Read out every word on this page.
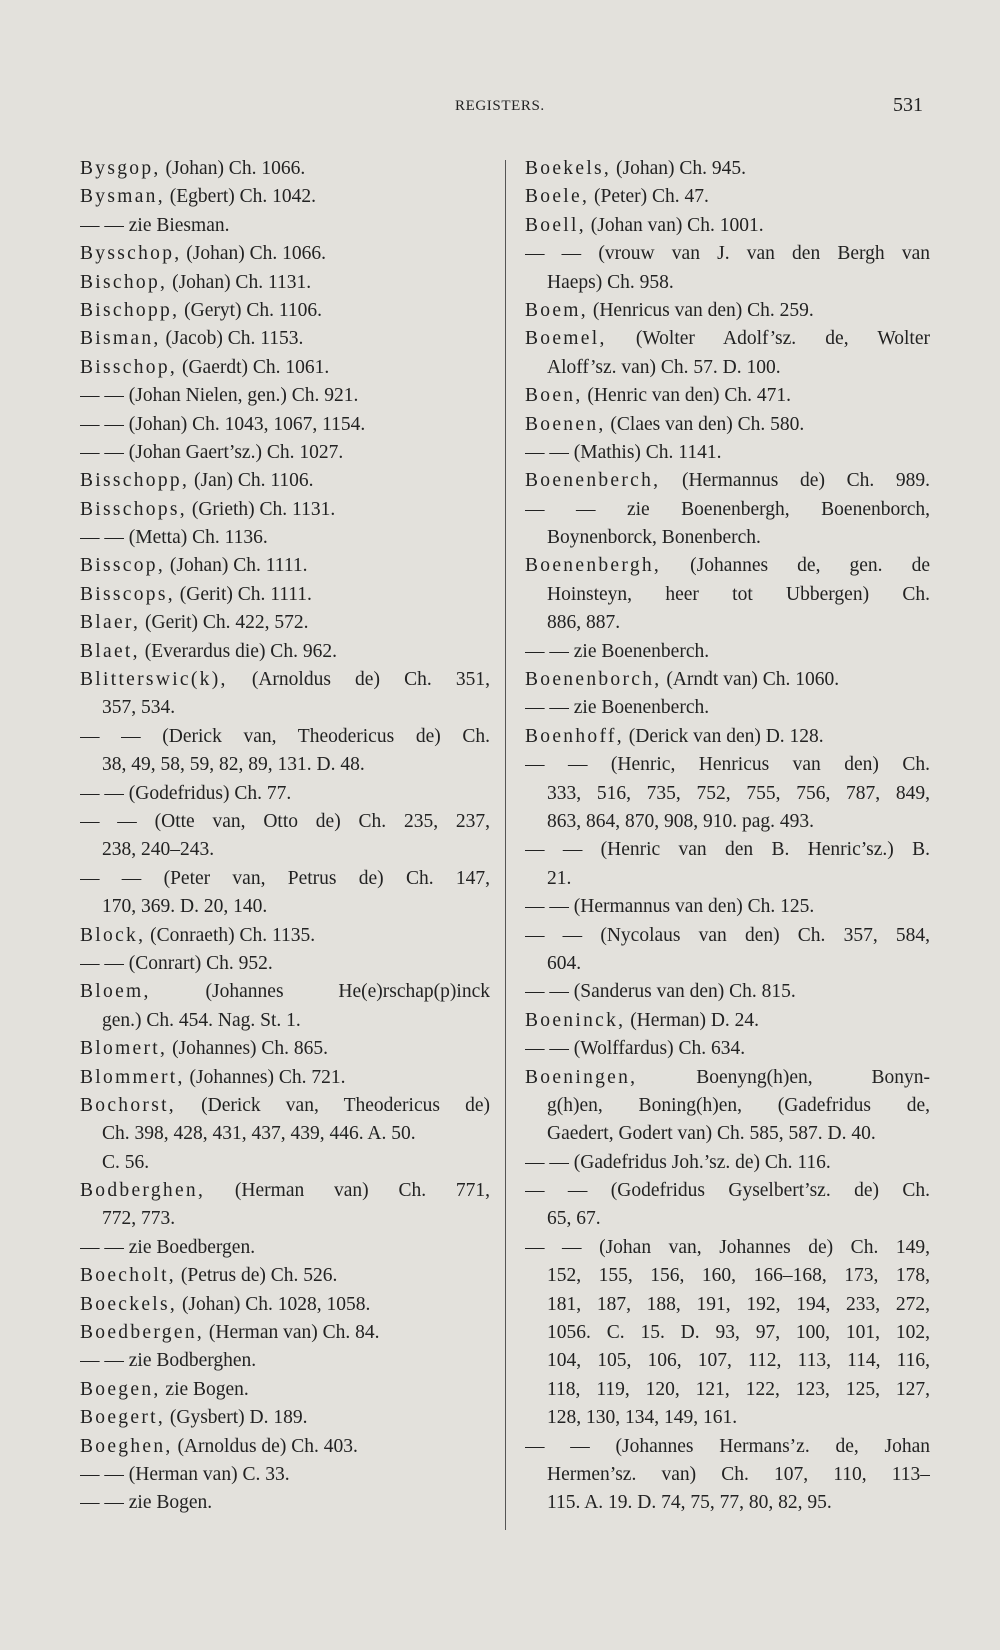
REGISTERS.	531
Bysgop, (Johan) Ch. 1066.
Bysman, (Egbert) Ch. 1042.
— — zie Biesman.
Bysschop, (Johan) Ch. 1066.
Bischop, (Johan) Ch. 1131.
Bischopp, (Geryt) Ch. 1106.
Bisman, (Jacob) Ch. 1153.
Bisschop, (Gaerdt) Ch. 1061.
— — (Johan Nielen, gen.) Ch. 921.
— — (Johan) Ch. 1043, 1067, 1154.
— — (Johan Gaert’sz.) Ch. 1027.
Bisschopp, (Jan) Ch. 1106.
Bisschops, (Grieth) Ch. 1131.
— — (Metta) Ch. 1136.
Bisscop, (Johan) Ch. 1111.
Bisscops, (Gerit) Ch. 1111.
Blaer, (Gerit) Ch. 422, 572.
Blaet, (Everardus die) Ch. 962.
Blitterswic(k), (Arnoldus de) Ch. 351,
357, 534.
— — (Derick van, Theodericus de) Ch.
38, 49, 58, 59, 82, 89, 131. D. 48.
— — (Godefridus) Ch. 77.
— — (Otte van, Otto de) Ch. 235, 237,
238, 240–243.
— — (Peter van, Petrus de) Ch. 147,
170, 369. D. 20, 140.
Block, (Conraeth) Ch. 1135.
— — (Conrart) Ch. 952.
Bloem, (Johannes He(e)rschap(p)inck
gen.) Ch. 454. Nag. St. 1.
Blomert, (Johannes) Ch. 865.
Blommert, (Johannes) Ch. 721.
Bochorst, (Derick van, Theodericus de)
Ch. 398, 428, 431, 437, 439, 446. A. 50.
C. 56.
Bodberghen, (Herman van) Ch. 771,
772, 773.
— — zie Boedbergen.
Boecholt, (Petrus de) Ch. 526.
Boeckels, (Johan) Ch. 1028, 1058.
Boedbergen, (Herman van) Ch. 84.
— — zie Bodberghen.
Boegen, zie Bogen.
Boegert, (Gysbert) D. 189.
Boeghen, (Arnoldus de) Ch. 403.
— — (Herman van) C. 33.
— — zie Bogen.
Boekels, (Johan) Ch. 945.
Boele, (Peter) Ch. 47.
Boell, (Johan van) Ch. 1001.
— — (vrouw van J. van den Bergh van
Haeps) Ch. 958.
Boem, (Henricus van den) Ch. 259.
Boemel, (Wolter Adolf’sz. de, Wolter
Aloff’sz. van) Ch. 57. D. 100.
Boen, (Henric van den) Ch. 471.
Boenen, (Claes van den) Ch. 580.
— — (Mathis) Ch. 1141.
Boenenberch, (Hermannus de) Ch. 989.
— — zie Boenenbergh, Boenenborch,
Boynenborck, Bonenberch.
Boenenbergh, (Johannes de, gen. de
Hoinsteyn, heer tot Ubbergen) Ch.
886, 887.
— — zie Boenenberch.
Boenenborch, (Arndt van) Ch. 1060.
— — zie Boenenberch.
Boenhoff, (Derick van den) D. 128.
— — (Henric, Henricus van den) Ch.
333, 516, 735, 752, 755, 756, 787, 849,
863, 864, 870, 908, 910. pag. 493.
— — (Henric van den B. Henric’sz.) B.
21.
— — (Hermannus van den) Ch. 125.
— — (Nycolaus van den) Ch. 357, 584,
604.
— — (Sanderus van den) Ch. 815.
Boeninck, (Herman) D. 24.
— — (Wolffardus) Ch. 634.
Boeningen, Boenyng(h)en, Bonyn-
g(h)en, Boning(h)en, (Gadefridus de,
Gaedert, Godert van) Ch. 585, 587. D. 40.
— — (Gadefridus Joh.’sz. de) Ch. 116.
— — (Godefridus Gyselbert’sz. de) Ch.
65, 67.
— — (Johan van, Johannes de) Ch. 149,
152, 155, 156, 160, 166–168, 173, 178,
181, 187, 188, 191, 192, 194, 233, 272,
1056. C. 15. D. 93, 97, 100, 101, 102,
104, 105, 106, 107, 112, 113, 114, 116,
118, 119, 120, 121, 122, 123, 125, 127,
128, 130, 134, 149, 161.
— — (Johannes Hermans’z. de, Johan
Hermen’sz. van) Ch. 107, 110, 113–
115. A. 19. D. 74, 75, 77, 80, 82, 95.
